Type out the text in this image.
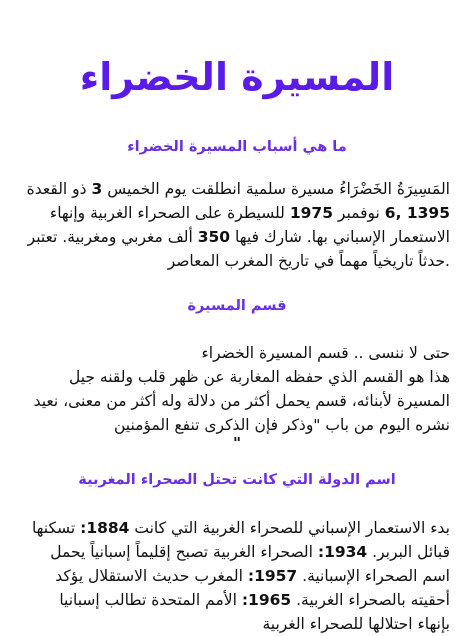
المسيرة الخضراء
ما هي أسباب المسيرة الخضراء

المَسِيرَةُ الخَضْرَاءُ مسيرة سلمية انطلقت يوم الخميس 3 ذو القعدة 1395 ,6 نوفمبر 1975 للسيطرة على الصحراء الغربية وإنهاء الاستعمار الإسباني بها. شارك فيها 350 ألف مغربي ومغربية. تعتبر .حدثاً تاريخياً مهماً في تاريخ المغرب المعاصر

قسم المسيرة

حتى لا ننسى .. قسم المسيرة الخضراء
هذا هو القسم الذي حفظه المغاربة عن ظهر قلب ولقنه جيل المسيرة لأبنائه، قسم يحمل أكثر من دلالة وله أكثر من معنى، نعيد نشره اليوم من باب "وذكر فإن الذكرى تنفع المؤمنين

"

اسم الدولة التي كانت تحتل الصحراء المغربية

بدء الاستعمار الإسباني للصحراء الغربية التي كانت 1884: تسكنها قبائل البربر. 1934: الصحراء الغربية تصبح إقليماً إسبانياً يحمل اسم الصحراء الإسبانية. 1957: المغرب حديث الاستقلال يؤكد أحقيته بالصحراء الغربية. 1965: الأمم المتحدة تطالب إسبانيا بإنهاء احتلالها للصحراء الغربية
